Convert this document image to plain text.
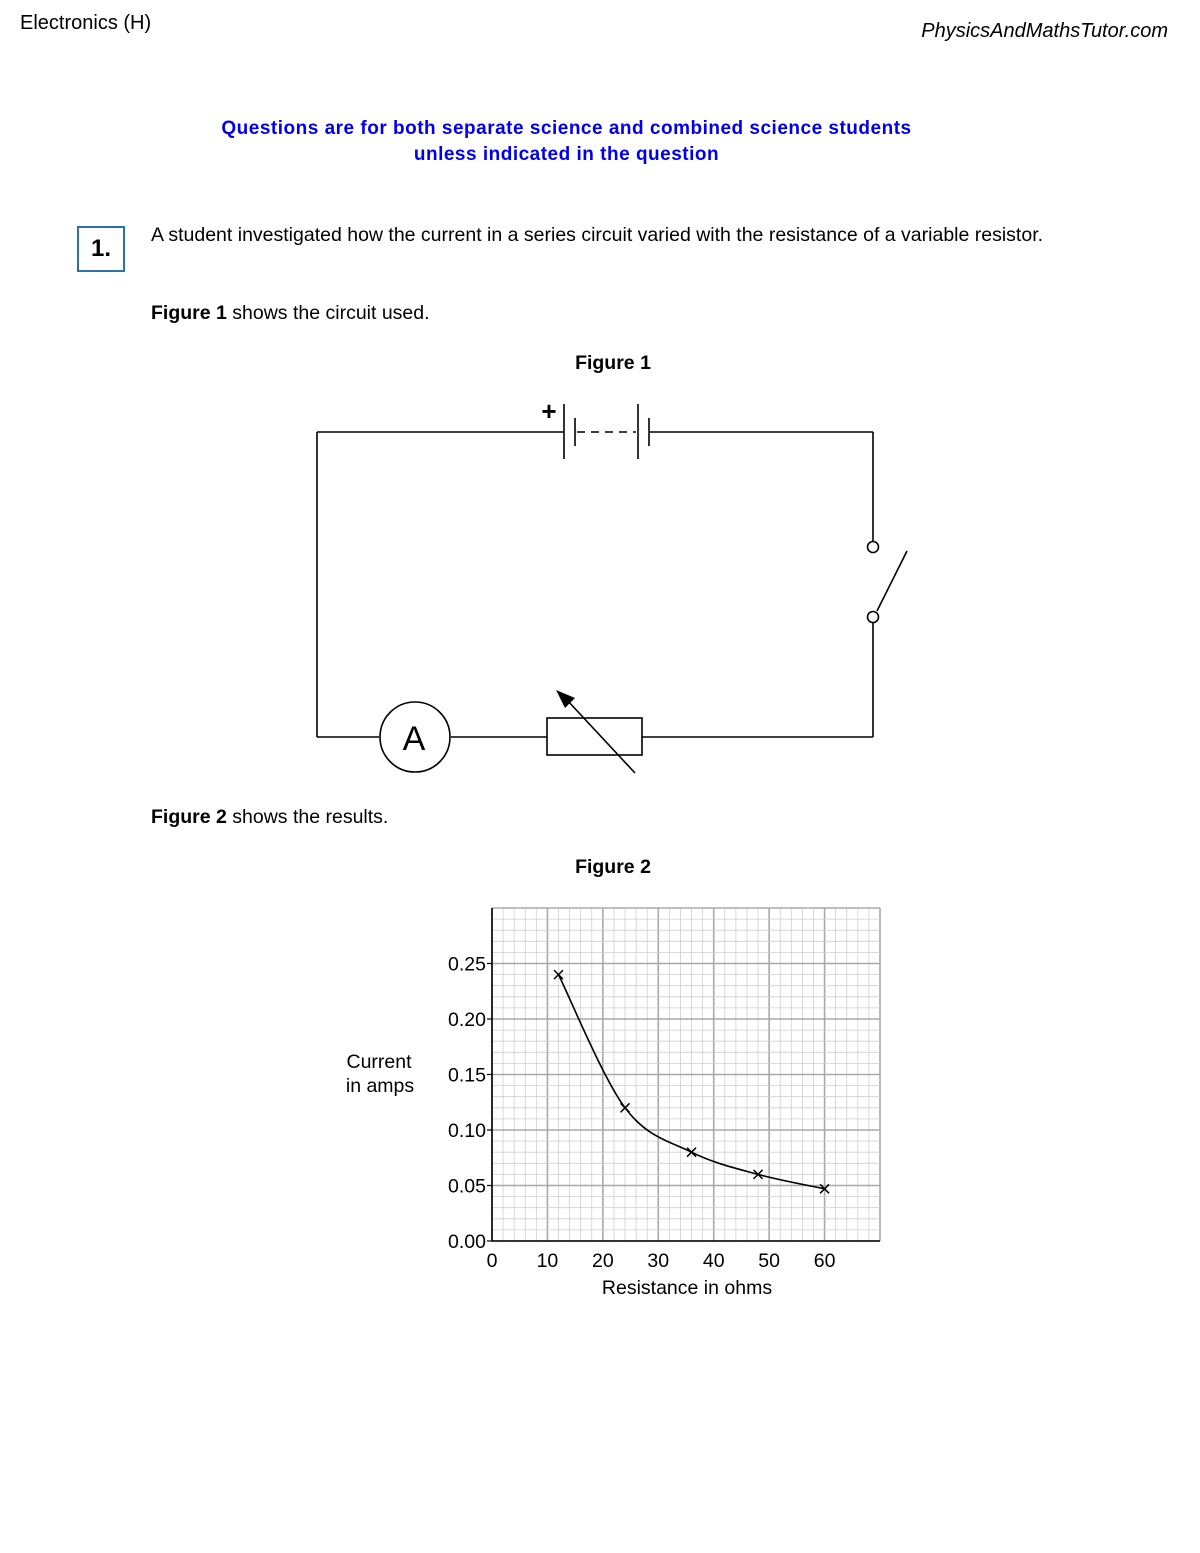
Electronics (H)	PhysicsAndMathsTutor.com
Questions are for both separate science and combined science students
unless indicated in the question
1.	A student investigated how the current in a series circuit varied with the resistance of a variable resistor.
Figure 1 shows the circuit used.
Figure 1
+
A
Figure 2 shows the results.
Figure 2
0 10 20 30 40 50 60
0.00
0.05
0.10
0.15
0.20
0.25
Current
in amps
Resistance in ohms
